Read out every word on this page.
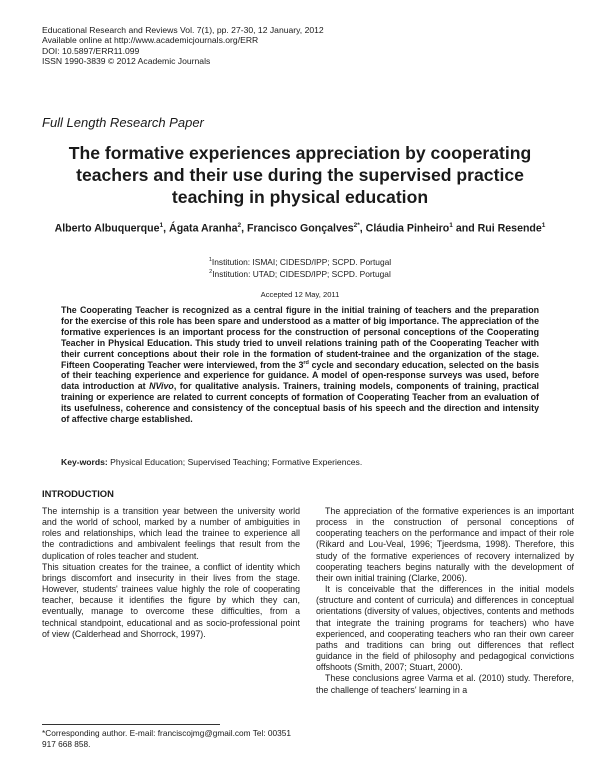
Educational Research and Reviews Vol. 7(1), pp. 27-30, 12 January, 2012
Available online at http://www.academicjournals.org/ERR
DOI: 10.5897/ERR11.099
ISSN 1990-3839 © 2012 Academic Journals
Full Length Research Paper
The formative experiences appreciation by cooperating teachers and their use during the supervised practice teaching in physical education
Alberto Albuquerque$^1$, Ágata Aranha$^2$, Francisco Gonçalves$^{2*}$, Cláudia Pinheiro$^1$ and Rui Resende$^1$
$^1$Institution: ISMAI; CIDESD/IPP; SCPD. Portugal
$^2$Institution: UTAD; CIDESD/IPP; SCPD. Portugal
Accepted 12 May, 2011
The Cooperating Teacher is recognized as a central figure in the initial training of teachers and the preparation for the exercise of this role has been spare and understood as a matter of big importance. The appreciation of the formative experiences is an important process for the construction of personal conceptions of the Cooperating Teacher in Physical Education. This study tried to unveil relations training path of the Cooperating Teacher with their current conceptions about their role in the formation of student-trainee and the organization of the stage. Fifteen Cooperating Teacher were interviewed, from the 3rd cycle and secondary education, selected on the basis of their teaching experience and experience for guidance. A model of open-response surveys was used, before data introduction at NVivo, for qualitative analysis. Trainers, training models, components of training, practical training or experience are related to current concepts of formation of Cooperating Teacher from an evaluation of its usefulness, coherence and consistency of the conceptual basis of his speech and the direction and intensity of affective charge established.
Key-words: Physical Education; Supervised Teaching; Formative Experiences.
INTRODUCTION

The internship is a transition year between the university world and the world of school, marked by a number of ambiguities in roles and relationships, which lead the trainee to experience all the contradictions and ambivalent feelings that result from the duplication of roles teacher and student.

This situation creates for the trainee, a conflict of identity which brings discomfort and insecurity in their lives from the stage. However, students' trainees value highly the role of cooperating teacher, because it identifies the figure by which they can, eventually, manage to overcome these difficulties, from a technical standpoint, educational and as socio-professional point of view (Calderhead and Shorrock, 1997).

The appreciation of the formative experiences is an important process in the construction of personal conceptions of cooperating teachers on the performance and impact of their role (Rikard and Lou-Veal, 1996; Tjeerdsma, 1998). Therefore, this study of the formative experiences of recovery internalized by cooperating teachers begins naturally with the development of their own initial training (Clarke, 2006).

It is conceivable that the differences in the initial models (structure and content of curricula) and differences in conceptual orientations (diversity of values, objectives, contents and methods that integrate the training programs for teachers) who have experienced, and cooperating teachers who ran their own career paths and traditions can bring out differences that reflect guidance in the field of philosophy and pedagogical convictions offshoots (Smith, 2007; Stuart, 2000).

These conclusions agree Varma et al. (2010) study. Therefore, the challenge of teachers' learning in a

*Corresponding author. E-mail: franciscojmg@gmail.com Tel: 00351 917 668 858.
